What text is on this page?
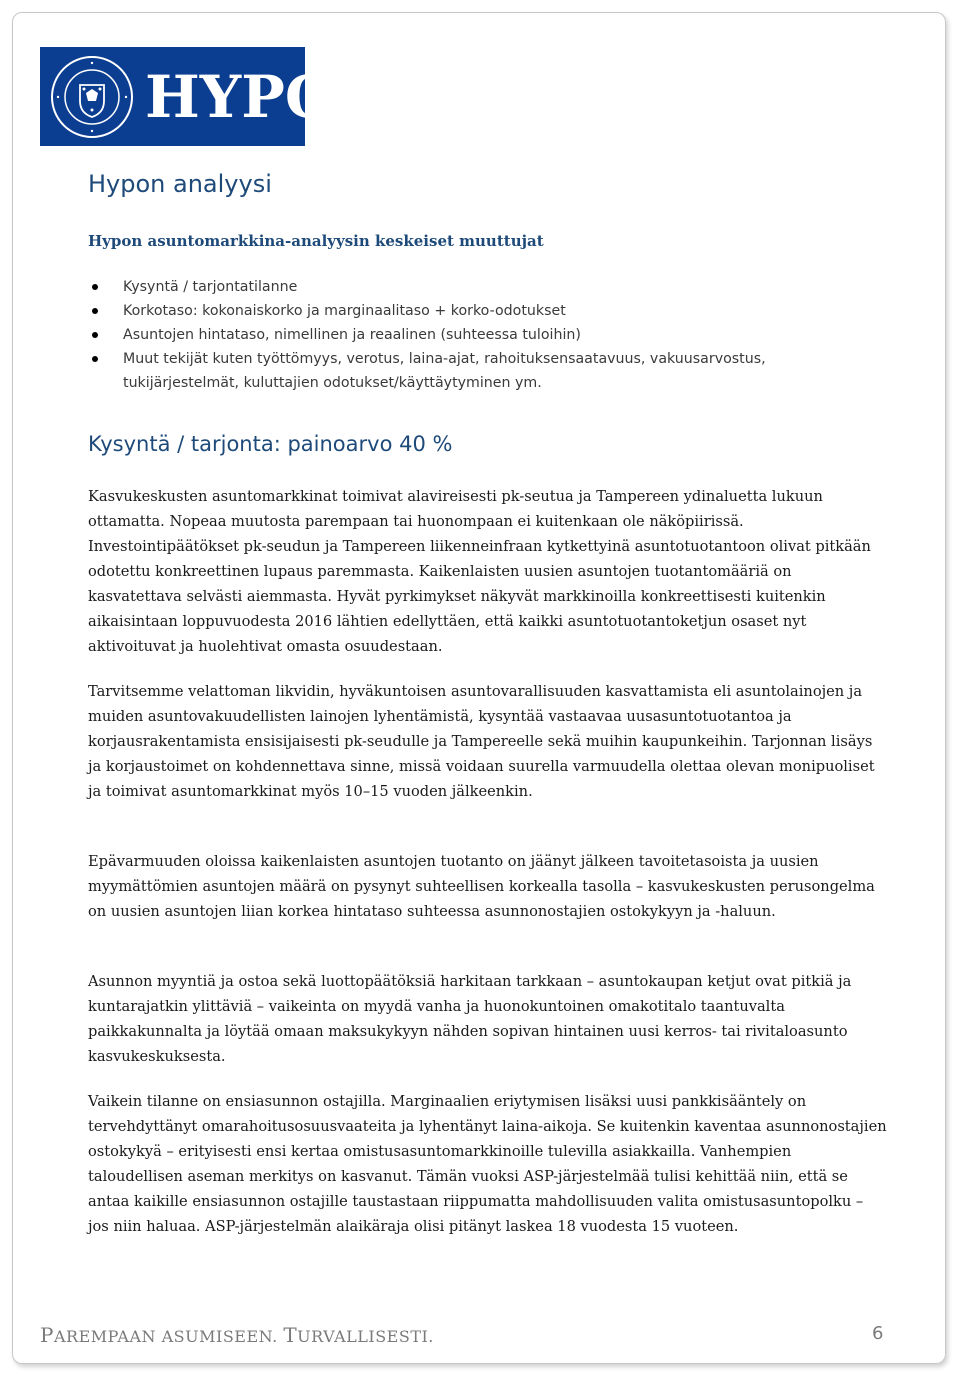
HYPO
Hypon analyysi
Hypon asuntomarkkina-analyysin keskeiset muuttujat
Kysyntä / tarjontatilanne
Korkotaso: kokonaiskorko ja marginaalitaso + korko-odotukset
Asuntojen hintataso, nimellinen ja reaalinen (suhteessa tuloihin)
Muut tekijät kuten työttömyys, verotus, laina-ajat, rahoituksensaatavuus, vakuusarvostus, tukijärjestelmät, kuluttajien odotukset/käyttäytyminen ym.
Kysyntä / tarjonta: painoarvo 40 %

Kasvukeskusten asuntomarkkinat toimivat alavireisesti pk-seutua ja Tampereen ydinaluetta lukuun ottamatta. Nopeaa muutosta parempaan tai huonompaan ei kuitenkaan ole näköpiirissä. Investointipäätökset pk-seudun ja Tampereen liikenneinfraan kytkettyinä asuntotuotantoon olivat pitkään odotettu konkreettinen lupaus paremmasta. Kaikenlaisten uusien asuntojen tuotantomääriä on kasvatettava selvästi aiemmasta. Hyvät pyrkimykset näkyvät markkinoilla konkreettisesti kuitenkin aikaisintaan loppuvuodesta 2016 lähtien edellyttäen, että kaikki asuntotuotantoketjun osaset nyt aktivoituvat ja huolehtivat omasta osuudestaan.

Tarvitsemme velattoman likvidin, hyväkuntoisen asuntovarallisuuden kasvattamista eli asuntolainojen ja muiden asuntovakuudellisten lainojen lyhentämistä, kysyntää vastaavaa uusasuntotuotantoa ja korjausrakentamista ensisijaisesti pk-seudulle ja Tampereelle sekä muihin kaupunkeihin. Tarjonnan lisäys ja korjaustoimet on kohdennettava sinne, missä voidaan suurella varmuudella olettaa olevan monipuoliset ja toimivat asuntomarkkinat myös 10–15 vuoden jälkeenkin.

Epävarmuuden oloissa kaikenlaisten asuntojen tuotanto on jäänyt jälkeen tavoitetasoista ja uusien myymättömien asuntojen määrä on pysynyt suhteellisen korkealla tasolla – kasvukeskusten perusongelma on uusien asuntojen liian korkea hintataso suhteessa asunnonostajien ostokykyyn ja -haluun.

Asunnon myyntiä ja ostoa sekä luottopäätöksiä harkitaan tarkkaan – asuntokaupan ketjut ovat pitkiä ja kuntarajatkin ylittäviä – vaikeinta on myydä vanha ja huonokuntoinen omakotitalo taantuvalta paikkakunnalta ja löytää omaan maksukykyyn nähden sopivan hintainen uusi kerros- tai rivitaloasunto kasvukeskuksesta.

Vaikein tilanne on ensiasunnon ostajilla. Marginaalien eriytymisen lisäksi uusi pankkisääntely on tervehdyttänyt omarahoitusosuusvaateita ja lyhentänyt laina-aikoja. Se kuitenkin kaventaa asunnonostajien ostokykyä – erityisesti ensi kertaa omistusasuntomarkkinoille tulevilla asiakkailla. Vanhempien taloudellisen aseman merkitys on kasvanut. Tämän vuoksi ASP-järjestelmää tulisi kehittää niin, että se antaa kaikille ensiasunnon ostajille taustastaan riippumatta mahdollisuuden valita omistusasuntopolku – jos niin haluaa. ASP-järjestelmän alaikäraja olisi pitänyt laskea 18 vuodesta 15 vuoteen.

PAREMPAAN ASUMISEEN. TURVALLISESTI.	6
